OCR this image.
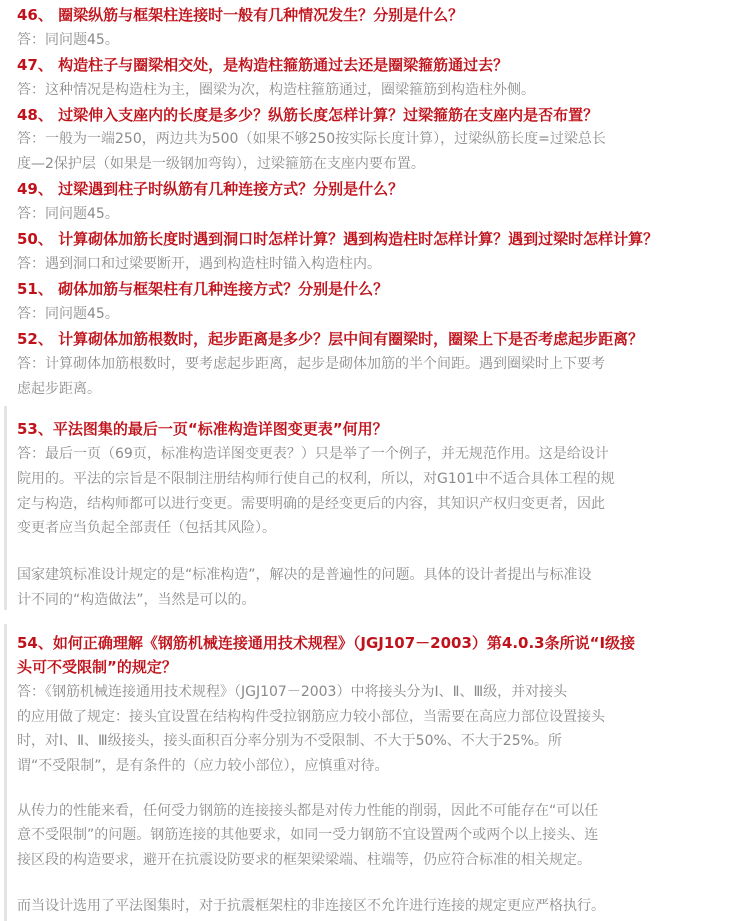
46、 圈梁纵筋与框架柱连接时一般有几种情况发生？分别是什么？
答：同问题45。
47、 构造柱子与圈梁相交处，是构造柱箍筋通过去还是圈梁箍筋通过去？
答：这种情况是构造柱为主，圈梁为次，构造柱箍筋通过，圈梁箍筋到构造柱外侧。
48、 过梁伸入支座内的长度是多少？纵筋长度怎样计算？过梁箍筋在支座内是否布置？
答：一般为一端250，两边共为500（如果不够250按实际长度计算），过梁纵筋长度=过梁总长
度—2保护层（如果是一级钢加弯钩），过梁箍筋在支座内要布置。
49、 过梁遇到柱子时纵筋有几种连接方式？分别是什么？
答：同问题45。
50、 计算砌体加筋长度时遇到洞口时怎样计算？遇到构造柱时怎样计算？遇到过梁时怎样计算？
答：遇到洞口和过梁要断开，遇到构造柱时锚入构造柱内。
51、 砌体加筋与框架柱有几种连接方式？分别是什么？
答：同问题45。
52、 计算砌体加筋根数时，起步距离是多少？层中间有圈梁时，圈梁上下是否考虑起步距离？
答：计算砌体加筋根数时，要考虑起步距离，起步是砌体加筋的半个间距。遇到圈梁时上下要考
虑起步距离。
53、平法图集的最后一页“标准构造详图变更表”何用？
答：最后一页（69页，标准构造详图变更表？）只是举了一个例子，并无规范作用。这是给设计
院用的。平法的宗旨是不限制注册结构师行使自己的权利，所以，对G101中不适合具体工程的规
定与构造，结构师都可以进行变更。需要明确的是经变更后的内容，其知识产权归变更者，因此
变更者应当负起全部责任（包括其风险）。
国家建筑标准设计规定的是“标准构造”，解决的是普遍性的问题。具体的设计者提出与标准设
计不同的“构造做法”，当然是可以的。
54、如何正确理解《钢筋机械连接通用技术规程》（JGJ107－2003）第4.0.3条所说“Ⅰ级接
头可不受限制”的规定？
答：《钢筋机械连接通用技术规程》（JGJ107－2003）中将接头分为Ⅰ、Ⅱ、Ⅲ级，并对接头
的应用做了规定：接头宜设置在结构构件受拉钢筋应力较小部位，当需要在高应力部位设置接头
时，对Ⅰ、Ⅱ、Ⅲ级接头，接头面积百分率分别为不受限制、不大于50%、不大于25%。所
谓“不受限制”，是有条件的（应力较小部位），应慎重对待。
从传力的性能来看，任何受力钢筋的连接接头都是对传力性能的削弱，因此不可能存在“可以任
意不受限制”的问题。钢筋连接的其他要求，如同一受力钢筋不宜设置两个或两个以上接头、连
接区段的构造要求，避开在抗震设防要求的框架梁梁端、柱端等，仍应符合标准的相关规定。
而当设计选用了平法图集时，对于抗震框架柱的非连接区不允许进行连接的规定更应严格执行。
